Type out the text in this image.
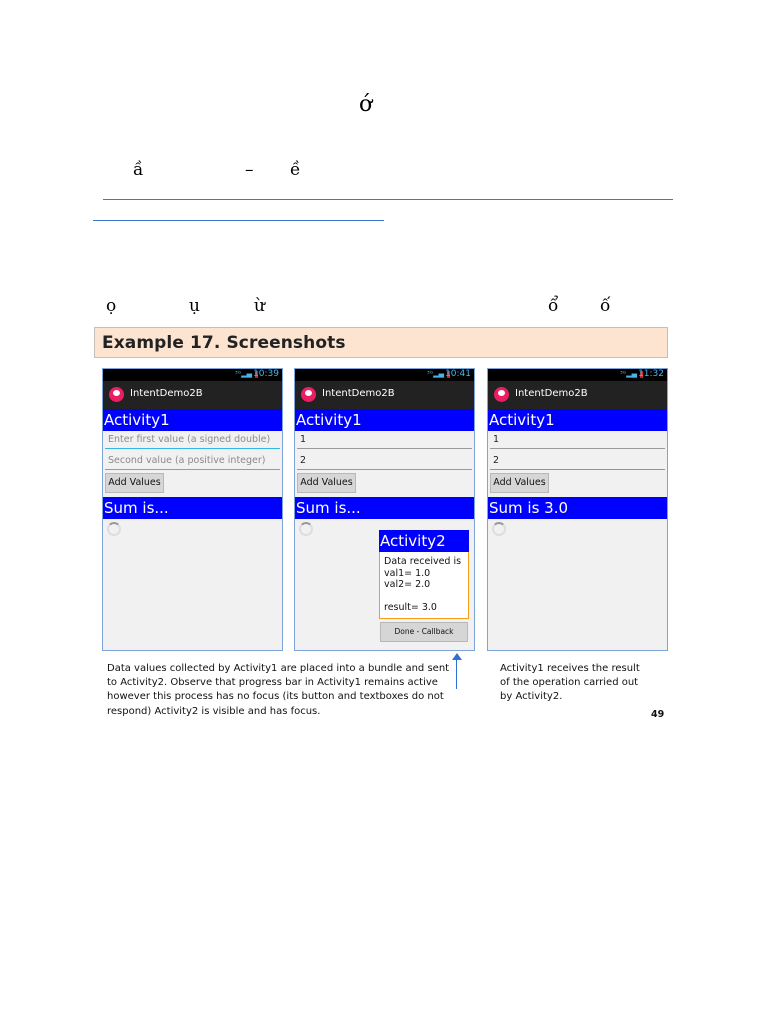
ớ
ầ	– ề
ọ	ụ	ừ	ổ ố
Example 17. Screenshots
³ᴳ▂▄ 10:39
IntentDemo2B
Activity1
Enter first value (a signed double)
Second value (a positive integer)
Add Values
Sum is...
³ᴳ▂▄ 10:41
IntentDemo2B
Activity1
1
2
Add Values
Sum is...
Activity2
Data received is
val1= 1.0
val2= 2.0
result= 3.0
Done - Callback
³ᴳ▂▄ 11:32
IntentDemo2B
Activity1
1
2
Add Values
Sum is 3.0
Data values collected by Activity1 are placed into a bundle and sent
to Activity2. Observe that progress bar in Activity1 remains active
however this process has no focus (its button and textboxes do not
respond) Activity2 is visible and has focus.
Activity1 receives the result
of the operation carried out
by Activity2.
49
